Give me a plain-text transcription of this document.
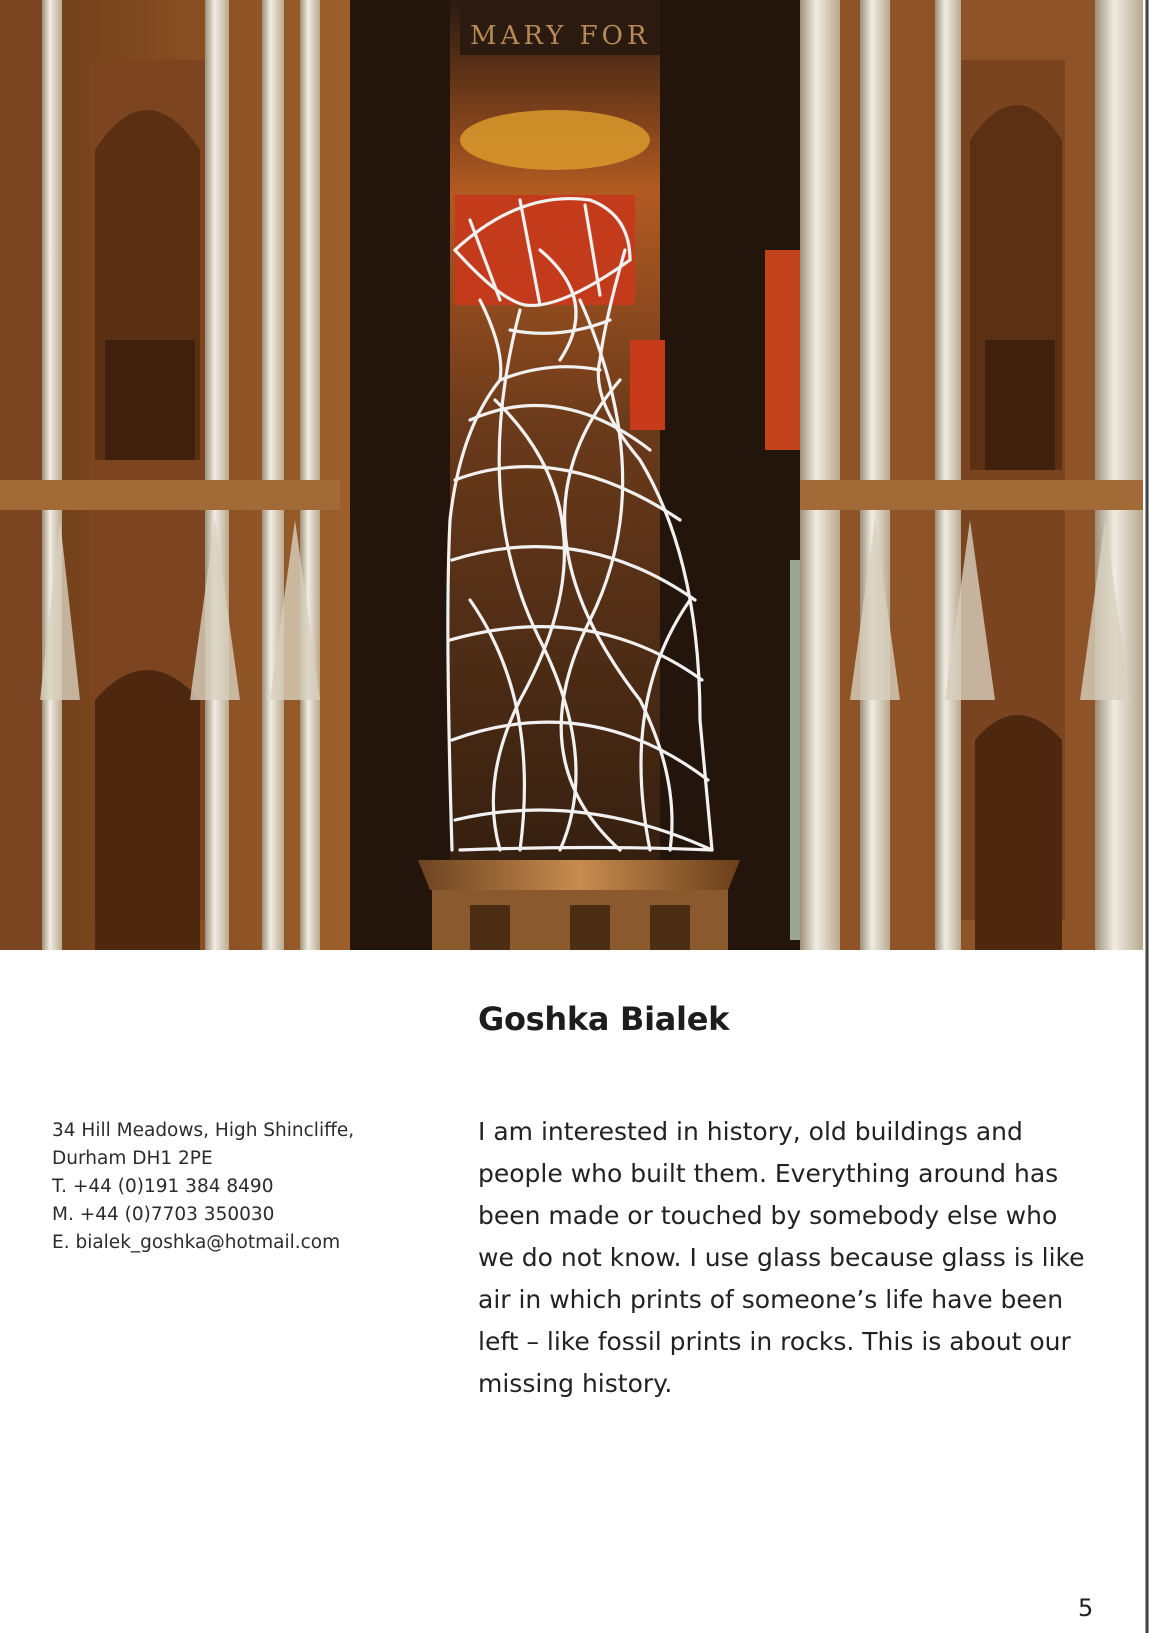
MARY FOR
Goshka Bialek
34 Hill Meadows, High Shincliffe,
Durham DH1 2PE
T. +44 (0)191 384 8490
M. +44 (0)7703 350030
E. bialek_goshka@hotmail.com

I am interested in history, old buildings and
people who built them. Everything around has
been made or touched by somebody else who
we do not know. I use glass because glass is like
air in which prints of someone’s life have been
left – like fossil prints in rocks. This is about our
missing history.

5
